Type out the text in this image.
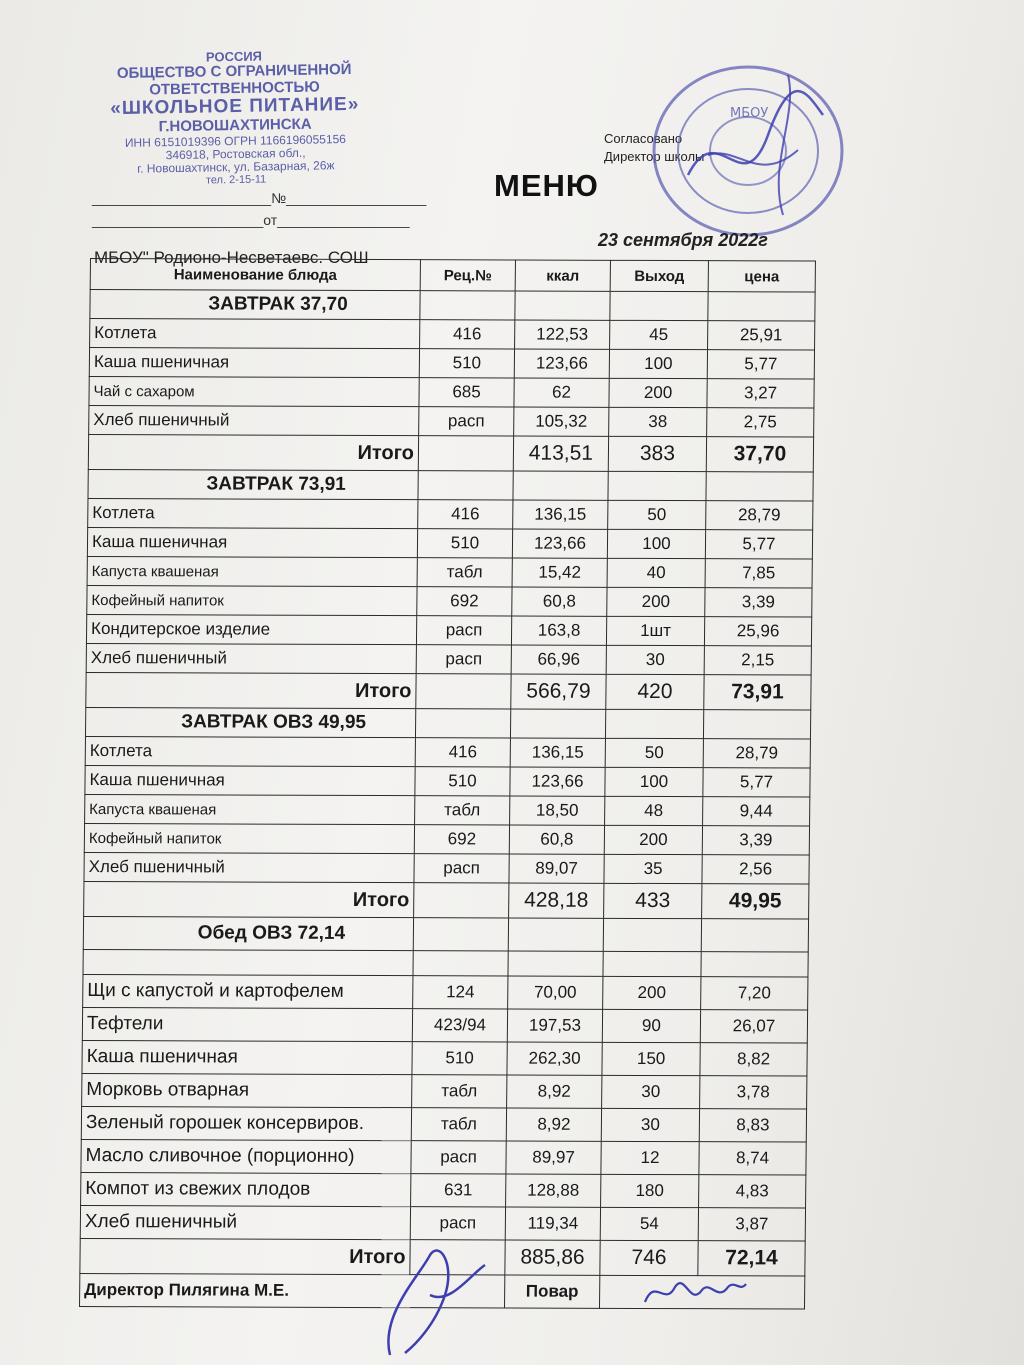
РОССИЯ
ОБЩЕСТВО С ОГРАНИЧЕННОЙ
ОТВЕТСТВЕННОСТЬЮ
«ШКОЛЬНОЕ ПИТАНИЕ»
Г.НОВОШАХТИНСКА
ИНН 6151019396 ОГРН 1166196055156
346918, Ростовская обл.,
г. Новошахтинск, ул. Базарная, 26ж
тел. 2-15-11
_______________________№__________________
______________________от_________________
Согласовано
Директор школы
МБОУ
МЕНЮ
МБОУ" Родионо-Несветаевс. СОШ
23 сентября 2022г
Наименование блюда	Рец.№	ккал	Выход	цена
ЗАВТРАК 37,70				
Котлета	416	122,53	45	25,91
Каша пшеничная	510	123,66	100	5,77
Чай с сахаром	685	62	200	3,27
Хлеб пшеничный	расп	105,32	38	2,75
Итого		413,51	383	37,70
ЗАВТРАК 73,91				
Котлета	416	136,15	50	28,79
Каша пшеничная	510	123,66	100	5,77
Капуста квашеная	табл	15,42	40	7,85
Кофейный напиток	692	60,8	200	3,39
Кондитерское изделие	расп	163,8	1шт	25,96
Хлеб пшеничный	расп	66,96	30	2,15
Итого		566,79	420	73,91
ЗАВТРАК ОВЗ 49,95				
Котлета	416	136,15	50	28,79
Каша пшеничная	510	123,66	100	5,77
Капуста квашеная	табл	18,50	48	9,44
Кофейный напиток	692	60,8	200	3,39
Хлеб пшеничный	расп	89,07	35	2,56
Итого		428,18	433	49,95
Обед ОВЗ 72,14				

Щи с капустой и картофелем	124	70,00	200	7,20
Тефтели	423/94	197,53	90	26,07
Каша пшеничная	510	262,30	150	8,82
Морковь отварная	табл	8,92	30	3,78
Зеленый горошек консервиров.	табл	8,92	30	8,83
Масло сливочное (порционно)	расп	89,97	12	8,74
Компот из свежих плодов	631	128,88	180	4,83
Хлеб пшеничный	расп	119,34	54	3,87
Итого		885,86	746	72,14
Директор Пилягина М.Е.		Повар		
